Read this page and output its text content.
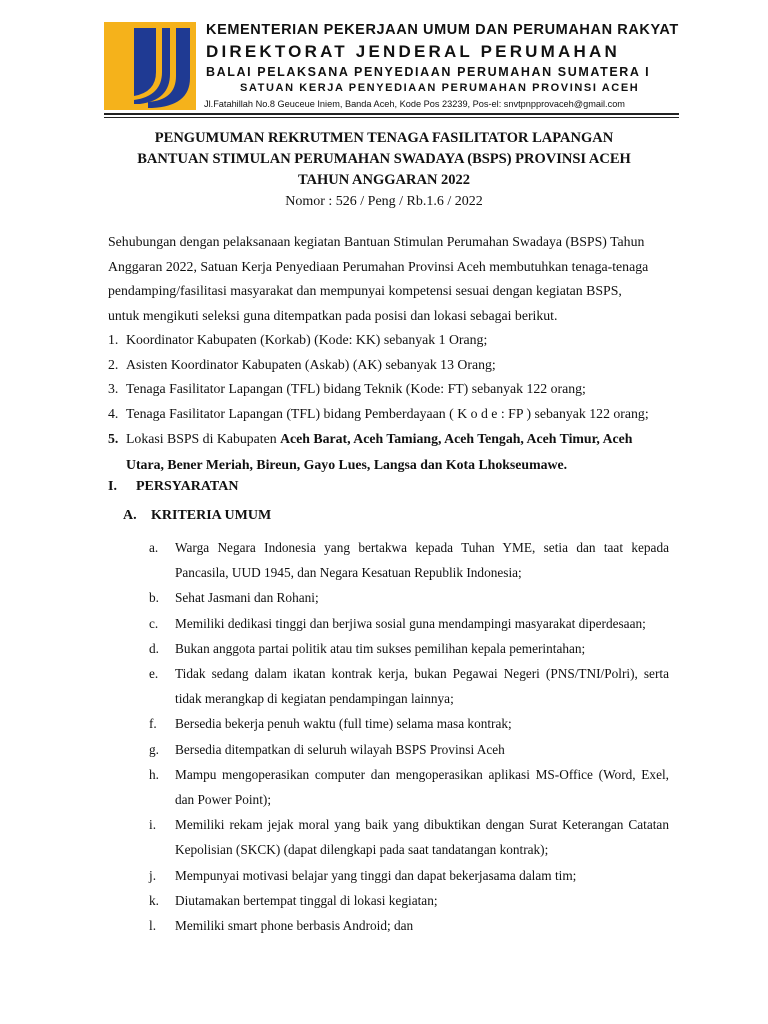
KEMENTERIAN PEKERJAAN UMUM DAN PERUMAHAN RAKYAT
DIREKTORAT JENDERAL PERUMAHAN
BALAI PELAKSANA PENYEDIAAN PERUMAHAN SUMATERA I
SATUAN KERJA PENYEDIAAN PERUMAHAN PROVINSI ACEH
Jl.Fatahillah No.8 Geuceue Iniem, Banda Aceh, Kode Pos 23239, Pos-el: snvtpnpprovaceh@gmail.com
PENGUMUMAN REKRUTMEN TENAGA FASILITATOR LAPANGAN
BANTUAN STIMULAN PERUMAHAN SWADAYA (BSPS) PROVINSI ACEH
TAHUN ANGGARAN 2022
Nomor : 526 / Peng / Rb.1.6 / 2022

Sehubungan dengan pelaksanaan kegiatan Bantuan Stimulan Perumahan Swadaya (BSPS) Tahun
Anggaran 2022, Satuan Kerja Penyediaan Perumahan Provinsi Aceh membutuhkan tenaga-tenaga
pendamping/fasilitasi masyarakat dan mempunyai kompetensi sesuai dengan kegiatan BSPS,
untuk mengikuti seleksi guna ditempatkan pada posisi dan lokasi sebagai berikut.

1. Koordinator Kabupaten (Korkab) (Kode: KK) sebanyak 1 Orang;
2. Asisten Koordinator Kabupaten (Askab) (AK) sebanyak 13 Orang;
3. Tenaga Fasilitator Lapangan (TFL) bidang Teknik (Kode: FT) sebanyak 122 orang;
4. Tenaga Fasilitator Lapangan (TFL) bidang Pemberdayaan ( K o d e : FP ) sebanyak 122 orang;
5. Lokasi BSPS di Kabupaten Aceh Barat, Aceh Tamiang, Aceh Tengah, Aceh Timur, Aceh
Utara, Bener Meriah, Bireun, Gayo Lues, Langsa dan Kota Lhokseumawe.
I. PERSYARATAN
A. KRITERIA UMUM
a. Warga Negara Indonesia yang bertakwa kepada Tuhan YME, setia dan taat kepada Pancasila, UUD 1945, dan Negara Kesatuan Republik Indonesia;
b. Sehat Jasmani dan Rohani;
c. Memiliki dedikasi tinggi dan berjiwa sosial guna mendampingi masyarakat diperdesaan;
d. Bukan anggota partai politik atau tim sukses pemilihan kepala pemerintahan;
e. Tidak sedang dalam ikatan kontrak kerja, bukan Pegawai Negeri (PNS/TNI/Polri), serta tidak merangkap di kegiatan pendampingan lainnya;
f. Bersedia bekerja penuh waktu (full time) selama masa kontrak;
g. Bersedia ditempatkan di seluruh wilayah BSPS Provinsi Aceh
h. Mampu mengoperasikan computer dan mengoperasikan aplikasi MS-Office (Word, Exel, dan Power Point);
i. Memiliki rekam jejak moral yang baik yang dibuktikan dengan Surat Keterangan Catatan Kepolisian (SKCK) (dapat dilengkapi pada saat tandatangan kontrak);
j. Mempunyai motivasi belajar yang tinggi dan dapat bekerjasama dalam tim;
k. Diutamakan bertempat tinggal di lokasi kegiatan;
l. Memiliki smart phone berbasis Android; dan
